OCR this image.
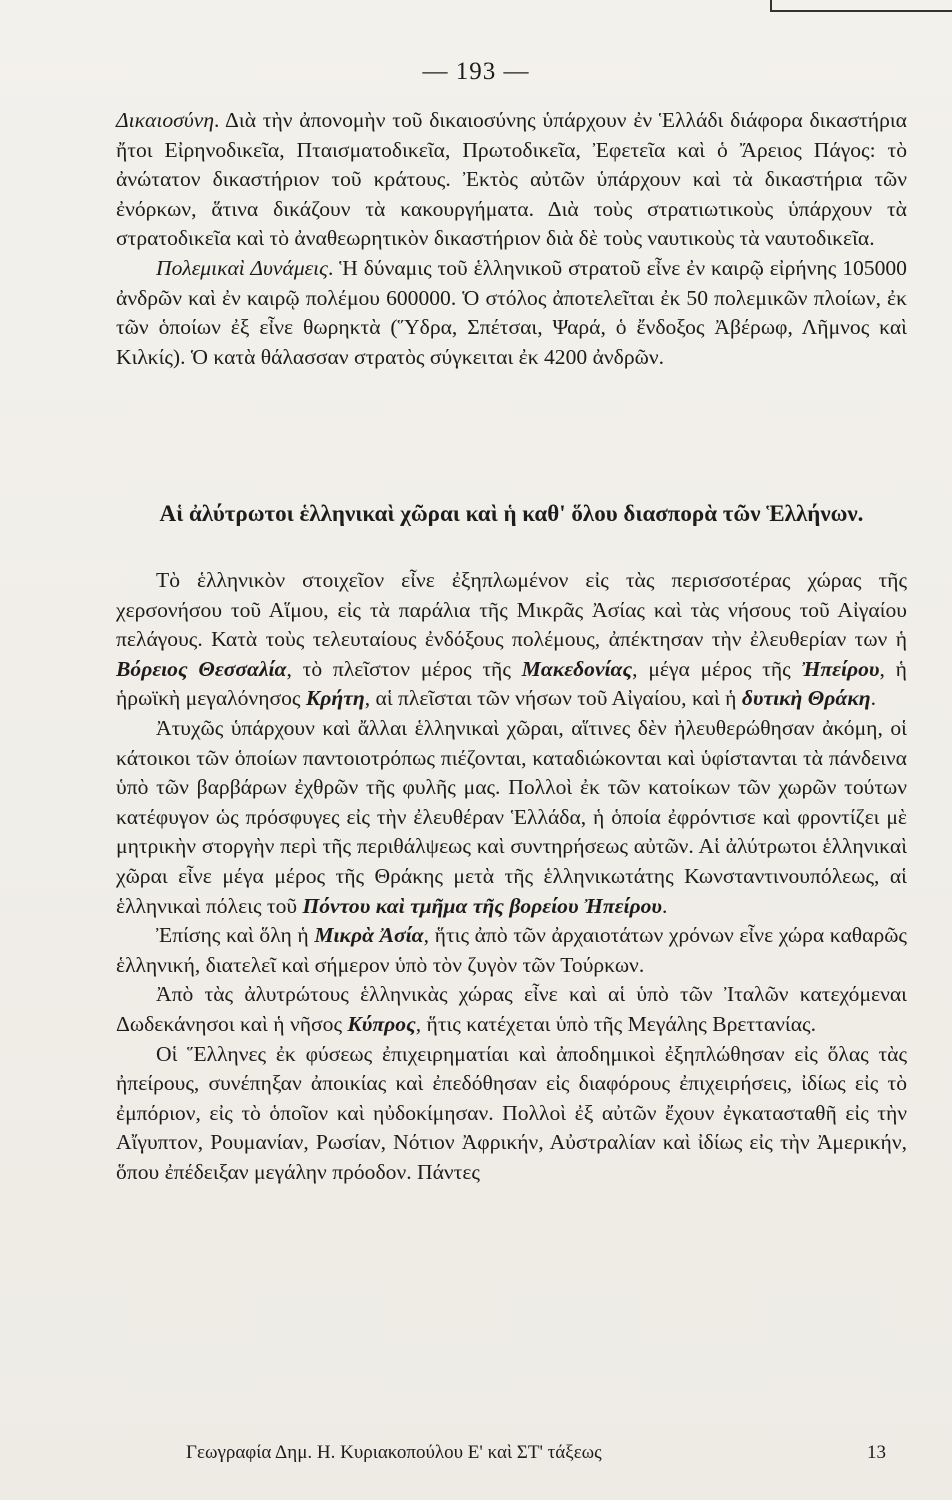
— 193 —

Δικαιοσύνη. Διὰ τὴν ἀπονομὴν τοῦ δικαιοσύνης ὑπάρχουν ἐν Ἑλλάδι διάφορα δικαστήρια ἤτοι Εἰρηνοδικεῖα, Πταισματοδικεῖα, Πρωτοδικεῖα, Ἐφετεῖα καὶ ὁ Ἄρειος Πάγος: τὸ ἀνώτατον δικαστήριον τοῦ κράτους. Ἐκτὸς αὐτῶν ὑπάρχουν καὶ τὰ δικαστήρια τῶν ἐνόρκων, ἅτινα δικάζουν τὰ κακουργήματα. Διὰ τοὺς στρατιωτικοὺς ὑπάρχουν τὰ στρατοδικεῖα καὶ τὸ ἀναθεωρητικὸν δικαστήριον διὰ δὲ τοὺς ναυτικοὺς τὰ ναυτοδικεῖα.

Πολεμικαὶ Δυνάμεις. Ἡ δύναμις τοῦ ἑλληνικοῦ στρατοῦ εἶνε ἐν καιρῷ εἰρήνης 105000 ἀνδρῶν καὶ ἐν καιρῷ πολέμου 600000. Ὁ στόλος ἀποτελεῖται ἐκ 50 πολεμικῶν πλοίων, ἐκ τῶν ὁποίων ἐξ εἶνε θωρηκτὰ (Ὕδρα, Σπέτσαι, Ψαρά, ὁ ἔνδοξος Ἀβέρωφ, Λῆμνος καὶ Κιλκίς). Ὁ κατὰ θάλασσαν στρατὸς σύγκειται ἐκ 4200 ἀνδρῶν.

Αἱ ἀλύτρωτοι ἑλληνικαὶ χῶραι καὶ ἡ καθ' ὅλου διασπορὰ τῶν Ἑλλήνων.

Τὸ ἑλληνικὸν στοιχεῖον εἶνε ἐξηπλωμένον εἰς τὰς περισσοτέρας χώρας τῆς χερσονήσου τοῦ Αἵμου, εἰς τὰ παράλια τῆς Μικρᾶς Ἀσίας καὶ τὰς νήσους τοῦ Αἰγαίου πελάγους. Κατὰ τοὺς τελευταίους ἐνδόξους πολέμους, ἀπέκτησαν τὴν ἐλευθερίαν των ἡ Βόρειος Θεσσαλία, τὸ πλεῖστον μέρος τῆς Μακεδονίας, μέγα μέρος τῆς Ἠπείρου, ἡ ἡρωϊκὴ μεγαλόνησος Κρήτη, αἱ πλεῖσται τῶν νήσων τοῦ Αἰγαίου, καὶ ἡ δυτικὴ Θράκη.

Ἀτυχῶς ὑπάρχουν καὶ ἄλλαι ἑλληνικαὶ χῶραι, αἵτινες δὲν ἠλευθερώθησαν ἀκόμη, οἱ κάτοικοι τῶν ὁποίων παντοιοτρόπως πιέζονται, καταδιώκονται καὶ ὑφίστανται τὰ πάνδεινα ὑπὸ τῶν βαρβάρων ἐχθρῶν τῆς φυλῆς μας. Πολλοὶ ἐκ τῶν κατοίκων τῶν χωρῶν τούτων κατέφυγον ὡς πρόσφυγες εἰς τὴν ἐλευθέραν Ἑλλάδα, ἡ ὁποία ἐφρόντισε καὶ φροντίζει μὲ μητρικὴν στοργὴν περὶ τῆς περιθάλψεως καὶ συντηρήσεως αὐτῶν. Αἱ ἀλύτρωτοι ἑλληνικαὶ χῶραι εἶνε μέγα μέρος τῆς Θράκης μετὰ τῆς ἑλληνικωτάτης Κωνσταντινουπόλεως, αἱ ἑλληνικαὶ πόλεις τοῦ Πόντου καὶ τμῆμα τῆς βορείου Ἠπείρου.

Ἐπίσης καὶ ὅλη ἡ Μικρὰ Ἀσία, ἥτις ἀπὸ τῶν ἀρχαιοτάτων χρόνων εἶνε χώρα καθαρῶς ἑλληνική, διατελεῖ καὶ σήμερον ὑπὸ τὸν ζυγὸν τῶν Τούρκων.

Ἀπὸ τὰς ἀλυτρώτους ἑλληνικὰς χώρας εἶνε καὶ αἱ ὑπὸ τῶν Ἰταλῶν κατεχόμεναι Δωδεκάνησοι καὶ ἡ νῆσος Κύπρος, ἥτις κατέχεται ὑπὸ τῆς Μεγάλης Βρεττανίας.

Οἱ Ἕλληνες ἐκ φύσεως ἐπιχειρηματίαι καὶ ἀποδημικοὶ ἐξηπλώθησαν εἰς ὅλας τὰς ἠπείρους, συνέπηξαν ἀποικίας καὶ ἐπεδόθησαν εἰς διαφόρους ἐπιχειρήσεις, ἰδίως εἰς τὸ ἐμπόριον, εἰς τὸ ὁποῖον καὶ ηὐδοκίμησαν. Πολλοὶ ἐξ αὐτῶν ἔχουν ἐγκατασταθῆ εἰς τὴν Αἴγυπτον, Ρουμανίαν, Ρωσίαν, Νότιον Ἀφρικήν, Αὐστραλίαν καὶ ἰδίως εἰς τὴν Ἀμερικήν, ὅπου ἐπέδειξαν μεγάλην πρόοδον. Πάντες

Γεωγραφία Δημ. Η. Κυριακοπούλου Ε' καὶ ΣΤ' τάξεως	13
